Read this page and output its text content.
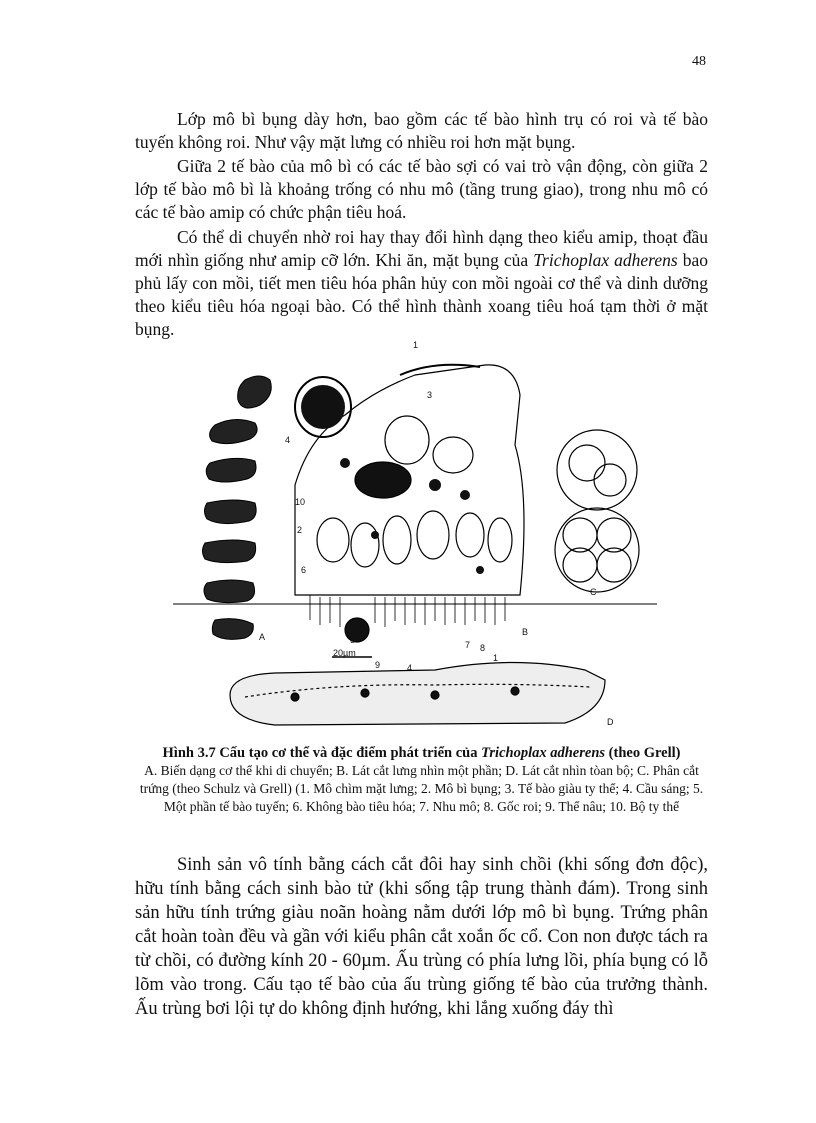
48

Lớp mô bì bụng dày hơn, bao gồm các tế bào hình trụ có roi và tế bào tuyến không roi. Như vậy mặt lưng có nhiều roi hơn mặt bụng.

Giữa 2 tế bào của mô bì có các tế bào sợi có vai trò vận động, còn giữa 2 lớp tế bào mô bì là khoảng trống có nhu mô (tầng trung giao), trong nhu mô có các tế bào amip có chức phận tiêu hoá.

Có thể di chuyển nhờ roi hay thay đổi hình dạng theo kiểu amip, thoạt đầu mới nhìn giống như amip cỡ lớn. Khi ăn, mặt bụng của Trichoplax adherens bao phủ lấy con mồi, tiết men tiêu hóa phân hủy con mồi ngoài cơ thể và dinh dưỡng theo kiểu tiêu hóa ngoại bào. Có thể hình thành xoang tiêu hoá tạm thời ở mặt bụng.

A	B
C
D
1
2
3
4
5
6
7 8
9
10
1
4
20µm
Hình 3.7 Cấu tạo cơ thể và đặc điểm phát triển của Trichoplax adherens (theo Grell)
A. Biến dạng cơ thể khi di chuyển; B. Lát cắt lưng nhìn một phần; D. Lát cắt nhìn tòan bộ; C. Phân cắt trứng (theo Schulz và Grell) (1. Mô chìm mặt lưng; 2. Mô bì bụng; 3. Tế bào giàu ty thể; 4. Cầu sáng; 5. Một phần tế bào tuyến; 6. Không bào tiêu hóa; 7. Nhu mô; 8. Gốc roi; 9. Thể nâu; 10. Bộ ty thể

Sinh sản vô tính bằng cách cắt đôi hay sinh chồi (khi sống đơn độc), hữu tính bằng cách sinh bào tử (khi sống tập trung thành đám). Trong sinh sản hữu tính trứng giàu noãn hoàng nằm dưới lớp mô bì bụng. Trứng phân cắt hoàn toàn đều và gần với kiểu phân cắt xoắn ốc cổ. Con non được tách ra từ chồi, có đường kính 20 - 60µm. Ấu trùng có phía lưng lồi, phía bụng có lỗ lõm vào trong. Cấu tạo tế bào của ấu trùng giống tế bào của trưởng thành. Ấu trùng bơi lội tự do không định hướng, khi lắng xuống đáy thì
